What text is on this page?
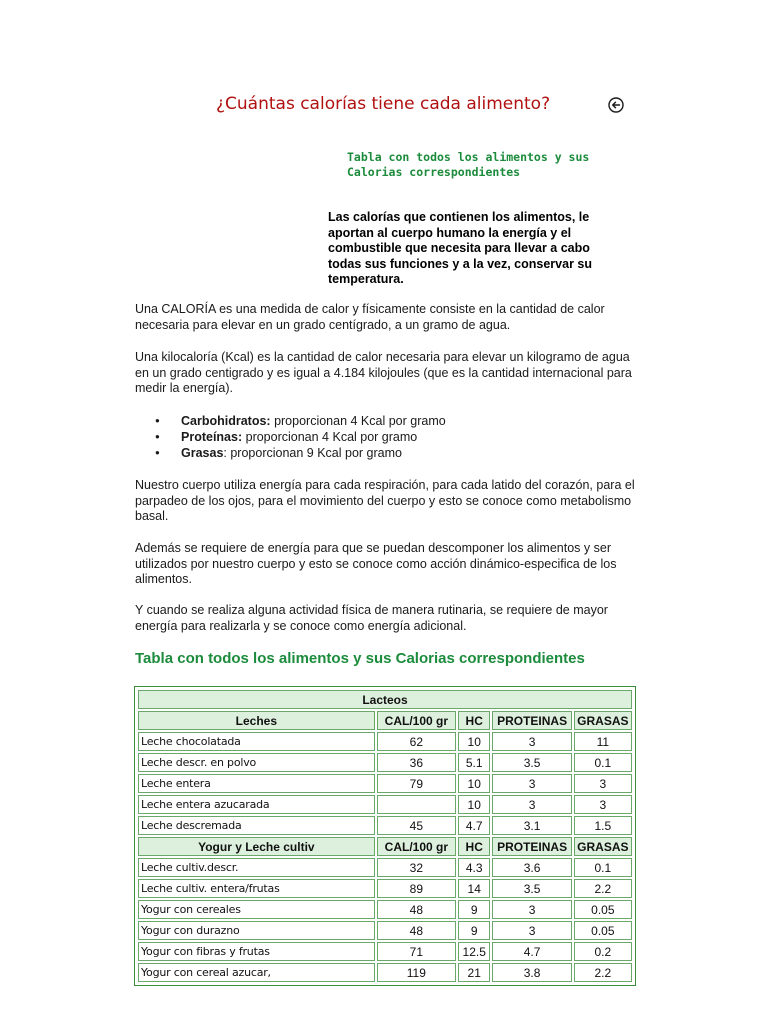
¿Cuántas calorías tiene cada alimento?
Tabla con todos los alimentos y sus Calorias correspondientes
Las calorías que contienen los alimentos, le aportan al cuerpo humano la energía y el combustible que necesita para llevar a cabo todas sus funciones y a la vez, conservar su temperatura.
Una CALORÍA es una medida de calor y físicamente consiste en la cantidad de calor necesaria para elevar en un grado centígrado, a un gramo de agua.
Una kilocaloría (Kcal) es la cantidad de calor necesaria para elevar un kilogramo de agua en un grado centigrado y es igual a 4.184 kilojoules (que es la cantidad internacional para medir la energía).
● Carbohidratos: proporcionan 4 Kcal por gramo
● Proteínas: proporcionan 4 Kcal por gramo
● Grasas: proporcionan 9 Kcal por gramo
Nuestro cuerpo utiliza energía para cada respiración, para cada latido del corazón, para el parpadeo de los ojos, para el movimiento del cuerpo y esto se conoce como metabolismo basal.
Además se requiere de energía para que se puedan descomponer los alimentos y ser utilizados por nuestro cuerpo y esto se conoce como acción dinámico-especifica de los alimentos.
Y cuando se realiza alguna actividad física de manera rutinaria, se requiere de mayor energía para realizarla y se conoce como energía adicional.
Tabla con todos los alimentos y sus Calorias correspondientes
Lacteos				
Leches	CAL/100 gr	HC	PROTEINAS	GRASAS
Leche chocolatada	62	10	3	11
Leche descr. en polvo	36	5.1	3.5	0.1
Leche entera	79	10	3	3
Leche entera azucarada		10	3	3
Leche descremada	45	4.7	3.1	1.5
Yogur y Leche cultiv	CAL/100 gr	HC	PROTEINAS	GRASAS
Leche cultiv.descr.	32	4.3	3.6	0.1
Leche cultiv. entera/frutas	89	14	3.5	2.2
Yogur con cereales	48	9	3	0.05
Yogur con durazno	48	9	3	0.05
Yogur con fibras y frutas	71	12.5	4.7	0.2
Yogur con cereal azucar,	119	21	3.8	2.2
